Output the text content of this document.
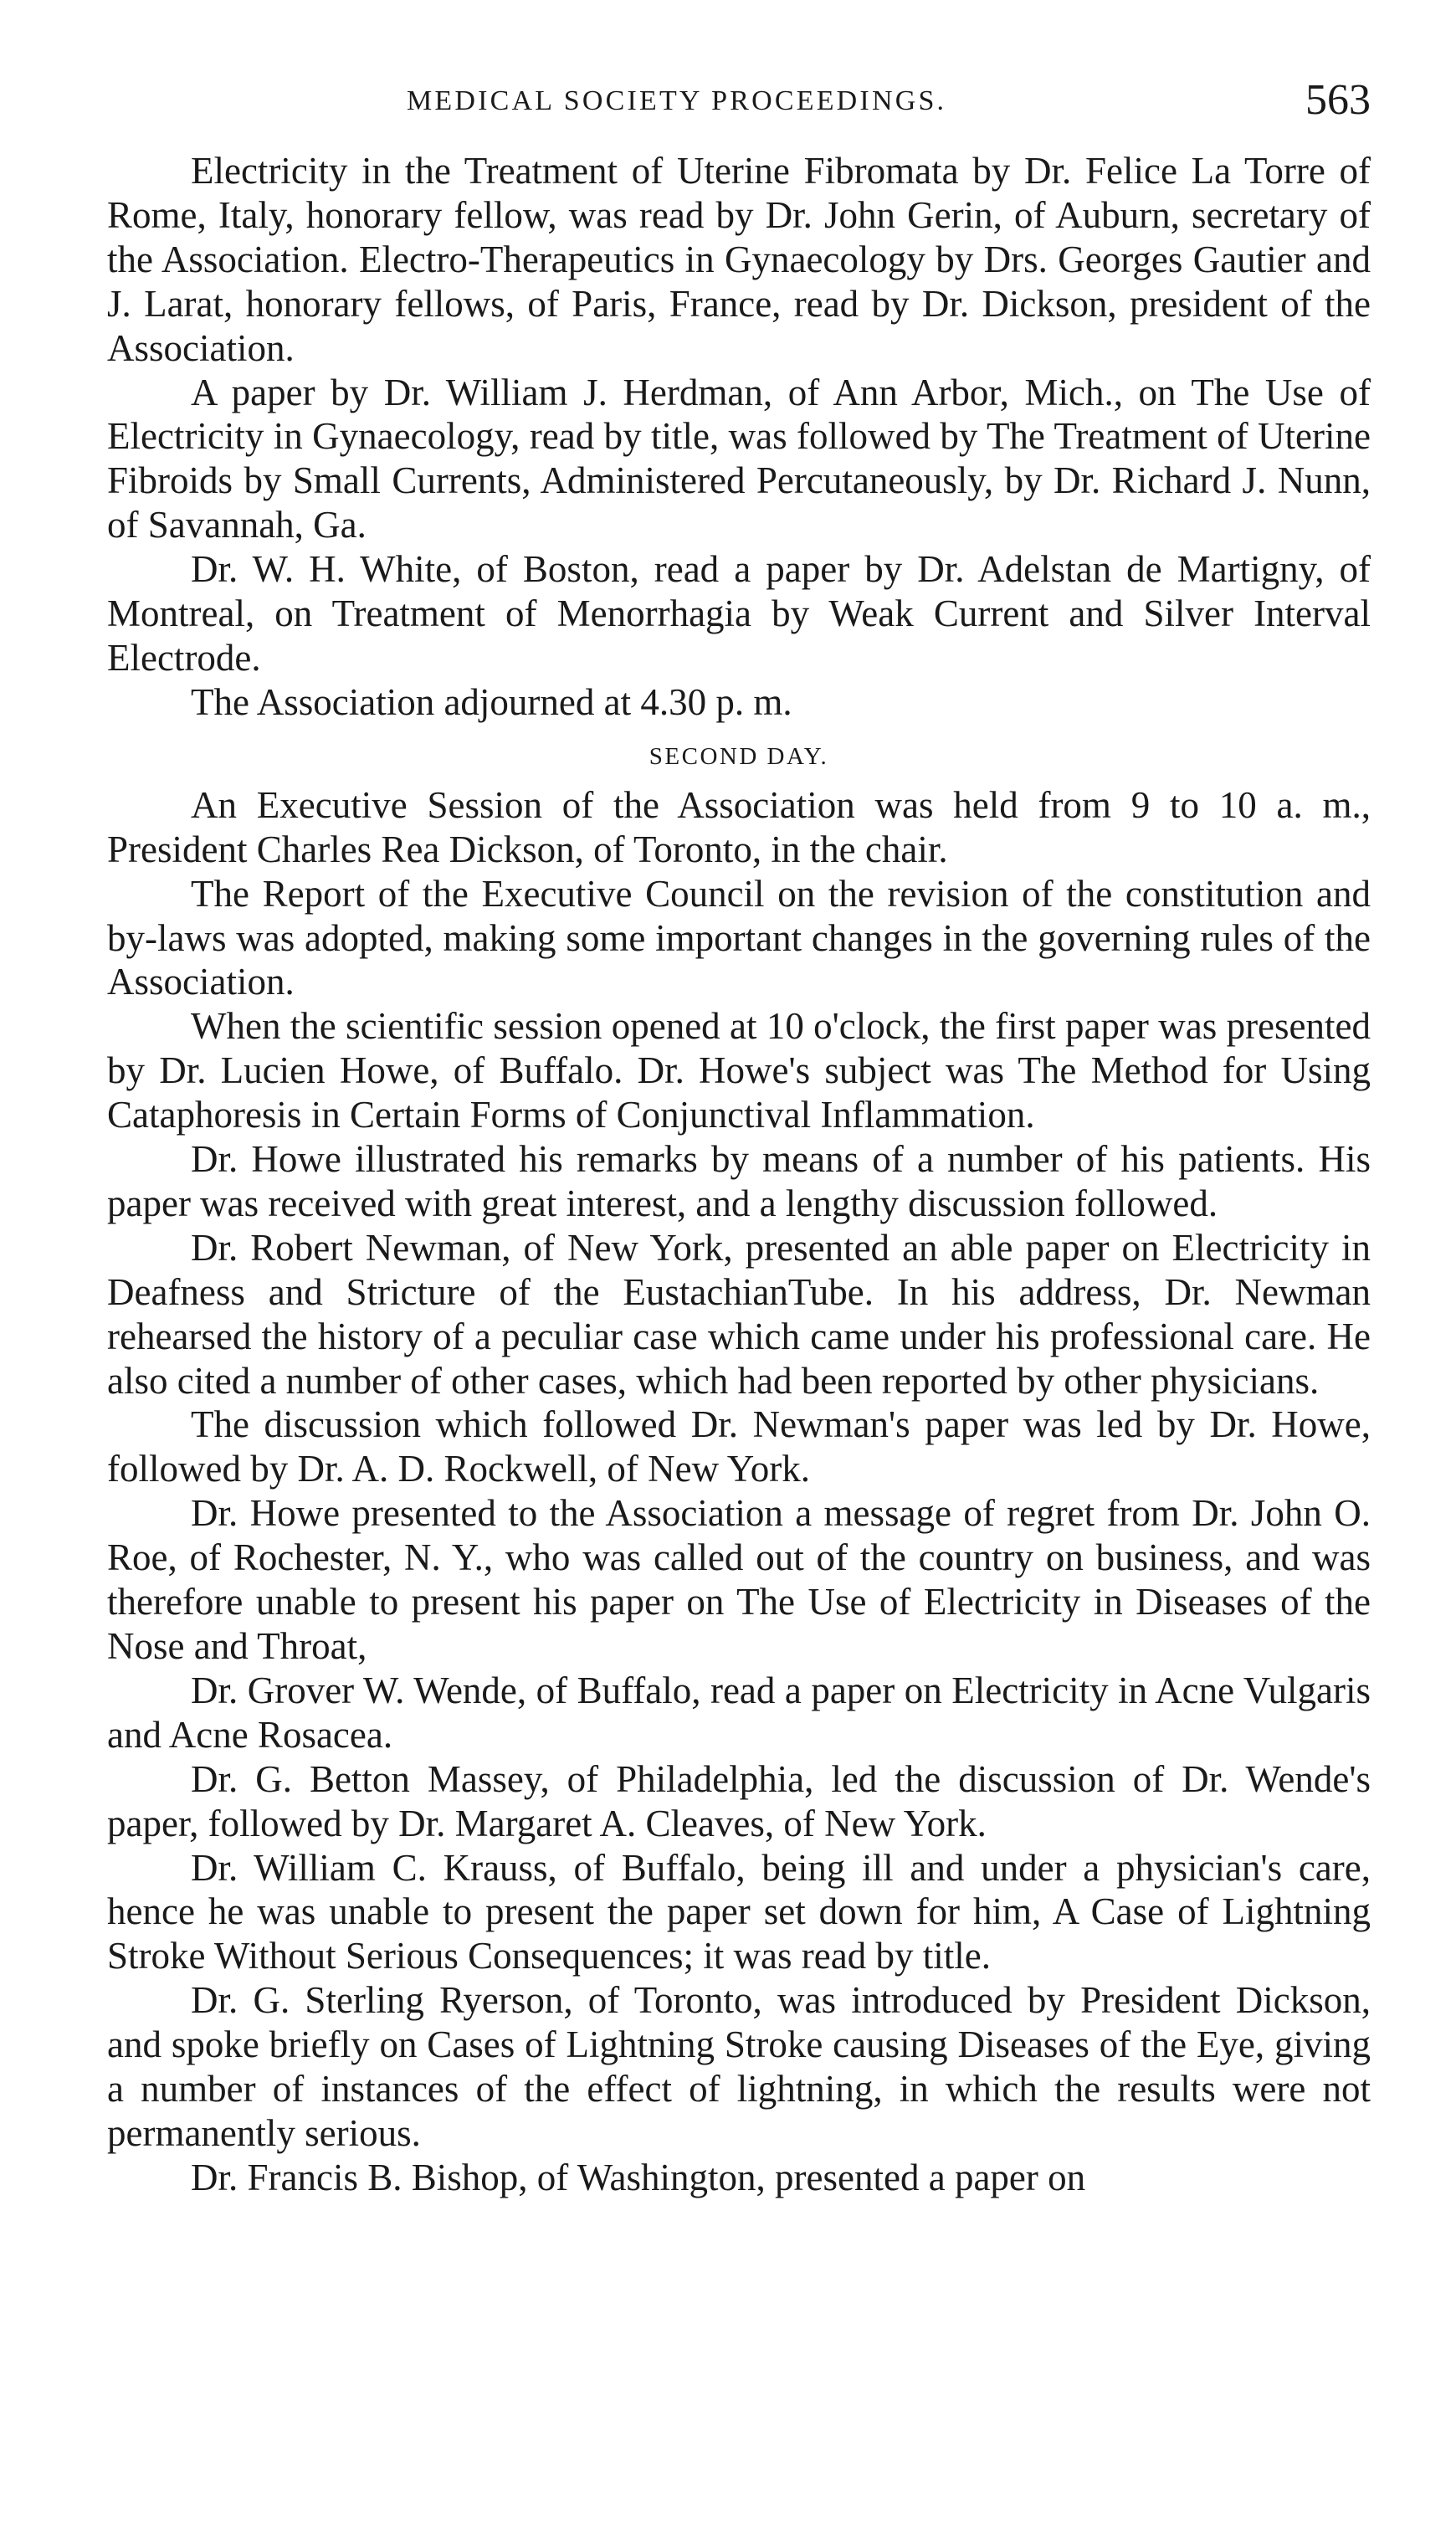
MEDICAL SOCIETY PROCEEDINGS.	563

Electricity in the Treatment of Uterine Fibromata by Dr. Felice La Torre of Rome, Italy, honorary fellow, was read by Dr. John Gerin, of Auburn, secretary of the Association. Electro-Therapeutics in Gynaecology by Drs. Georges Gautier and J. Larat, honorary fellows, of Paris, France, read by Dr. Dickson, president of the Association.

A paper by Dr. William J. Herdman, of Ann Arbor, Mich., on The Use of Electricity in Gynaecology, read by title, was followed by The Treatment of Uterine Fibroids by Small Currents, Administered Percutaneously, by Dr. Richard J. Nunn, of Savannah, Ga.

Dr. W. H. White, of Boston, read a paper by Dr. Adelstan de Martigny, of Montreal, on Treatment of Menorrhagia by Weak Current and Silver Interval Electrode.

The Association adjourned at 4.30 p. m.

SECOND DAY.

An Executive Session of the Association was held from 9 to 10 a. m., President Charles Rea Dickson, of Toronto, in the chair.

The Report of the Executive Council on the revision of the constitution and by-laws was adopted, making some important changes in the governing rules of the Association.

When the scientific session opened at 10 o'clock, the first paper was presented by Dr. Lucien Howe, of Buffalo. Dr. Howe's subject was The Method for Using Cataphoresis in Certain Forms of Conjunctival Inflammation.

Dr. Howe illustrated his remarks by means of a number of his patients. His paper was received with great interest, and a lengthy discussion followed.

Dr. Robert Newman, of New York, presented an able paper on Electricity in Deafness and Stricture of the EustachianTube. In his address, Dr. Newman rehearsed the history of a peculiar case which came under his professional care. He also cited a number of other cases, which had been reported by other physicians.

The discussion which followed Dr. Newman's paper was led by Dr. Howe, followed by Dr. A. D. Rockwell, of New York.

Dr. Howe presented to the Association a message of regret from Dr. John O. Roe, of Rochester, N. Y., who was called out of the country on business, and was therefore unable to present his paper on The Use of Electricity in Diseases of the Nose and Throat,

Dr. Grover W. Wende, of Buffalo, read a paper on Electricity in Acne Vulgaris and Acne Rosacea.

Dr. G. Betton Massey, of Philadelphia, led the discussion of Dr. Wende's paper, followed by Dr. Margaret A. Cleaves, of New York.

Dr. William C. Krauss, of Buffalo, being ill and under a physician's care, hence he was unable to present the paper set down for him, A Case of Lightning Stroke Without Serious Consequences; it was read by title.

Dr. G. Sterling Ryerson, of Toronto, was introduced by President Dickson, and spoke briefly on Cases of Lightning Stroke causing Diseases of the Eye, giving a number of instances of the effect of lightning, in which the results were not permanently serious.

Dr. Francis B. Bishop, of Washington, presented a paper on
